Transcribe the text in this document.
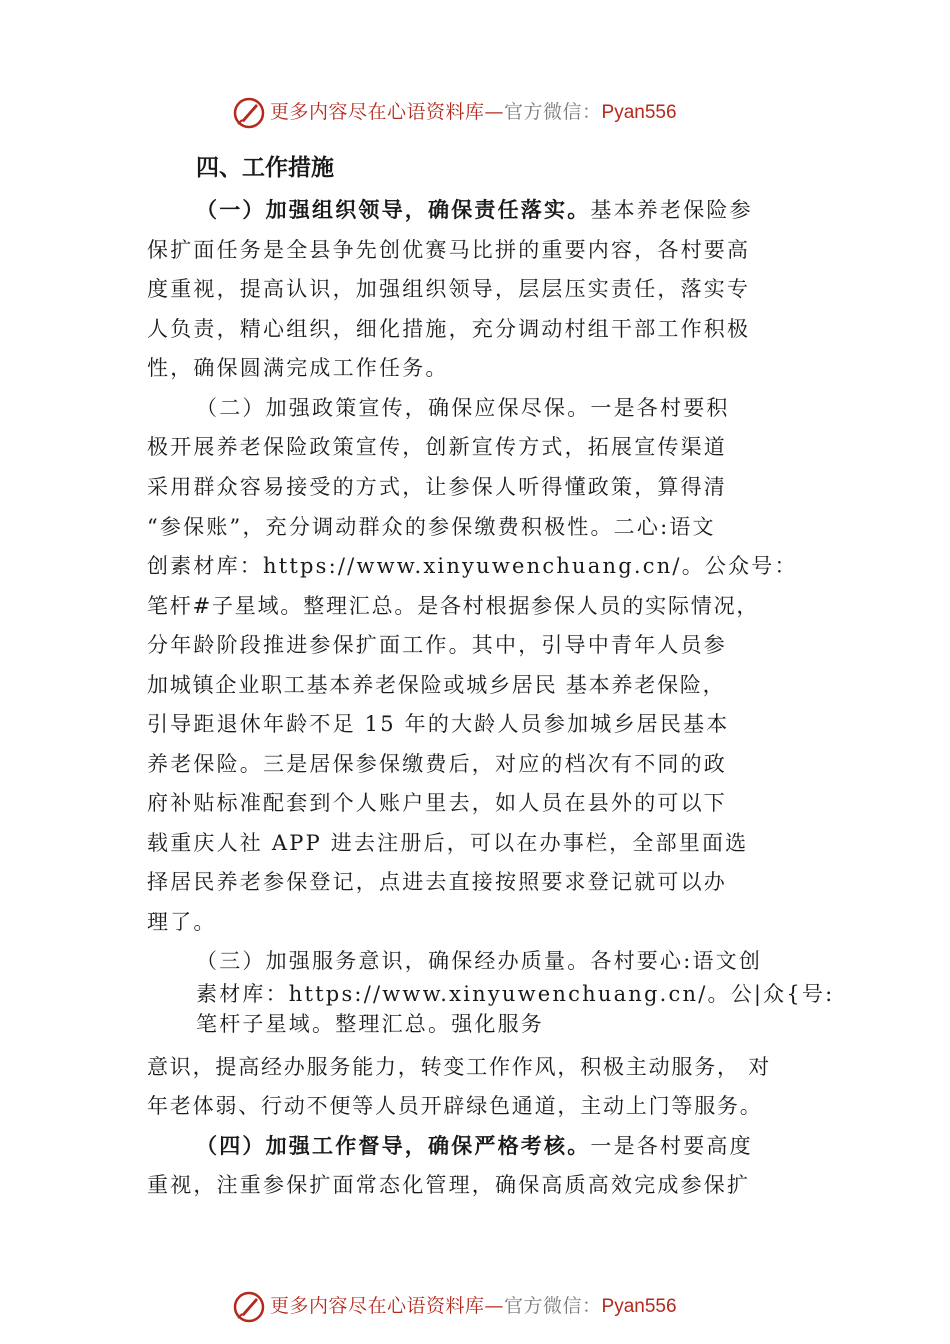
更多内容尽在心语资料库—官方微信：Pyan556
四、工作措施
（一）加强组织领导，确保责任落实。基本养老保险参
保扩面任务是全县争先创优赛马比拼的重要内容，各村要高
度重视，提高认识，加强组织领导，层层压实责任，落实专
人负责，精心组织，细化措施，充分调动村组干部工作积极
性，确保圆满完成工作任务。
（二）加强政策宣传，确保应保尽保。一是各村要积
极开展养老保险政策宣传，创新宣传方式，拓展宣传渠道
采用群众容易接受的方式，让参保人听得懂政策，算得清
“参保账”，充分调动群众的参保缴费积极性。二心:语文
创素材库：https://www.xinyuwenchuang.cn/。公众号：
笔杆#子星域。整理汇总。是各村根据参保人员的实际情况，
分年龄阶段推进参保扩面工作。其中，引导中青年人员参
加城镇企业职工基本养老保险或城乡居民 基本养老保险，
引导距退休年龄不足 15 年的大龄人员参加城乡居民基本
养老保险。三是居保参保缴费后，对应的档次有不同的政
府补贴标准配套到个人账户里去，如人员在县外的可以下
载重庆人社 APP 进去注册后，可以在办事栏，全部里面选
择居民养老参保登记，点进去直接按照要求登记就可以办
理了。
（三）加强服务意识，确保经办质量。各村要心:语文创
素材库：https://www.xinyuwenchuang.cn/。公|众{号:
笔杆子星域。整理汇总。强化服务
意识，提高经办服务能力，转变工作作风，积极主动服务， 对
年老体弱、行动不便等人员开辟绿色通道，主动上门等服务。
（四）加强工作督导，确保严格考核。一是各村要高度
重视，注重参保扩面常态化管理，确保高质高效完成参保扩
更多内容尽在心语资料库—官方微信：Pyan556
